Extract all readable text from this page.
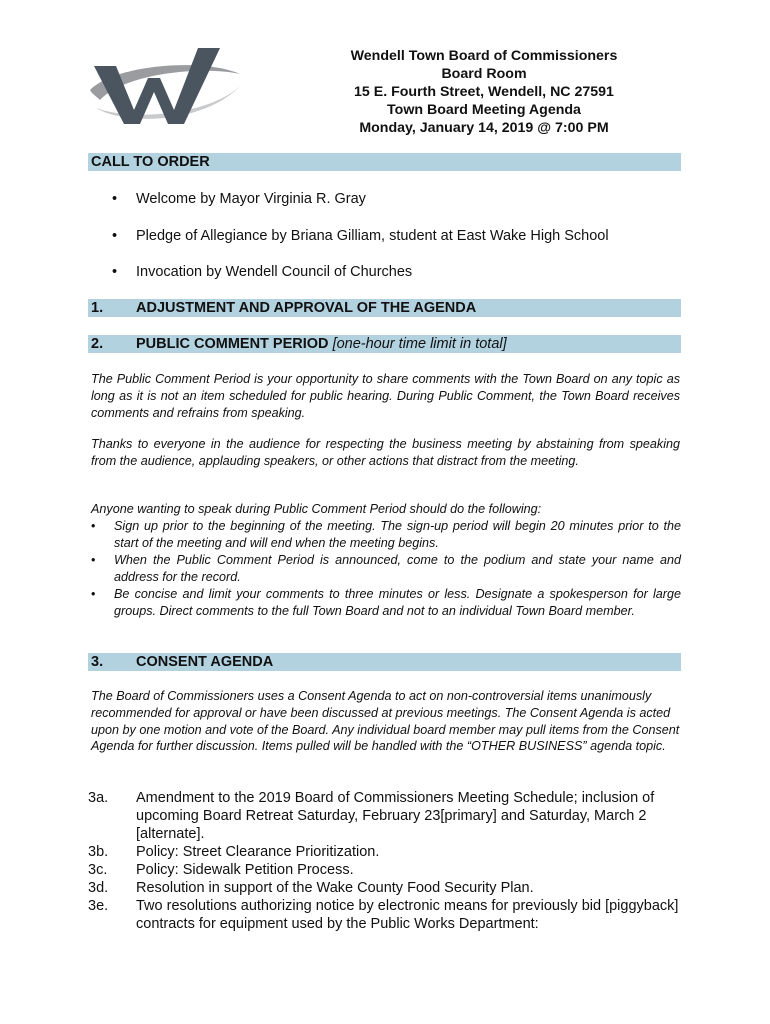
Wendell Town Board of Commissioners
Board Room
15 E. Fourth Street, Wendell, NC 27591
Town Board Meeting Agenda
Monday, January 14, 2019 @ 7:00 PM
CALL TO ORDER
• Welcome by Mayor Virginia R. Gray
• Pledge of Allegiance by Briana Gilliam, student at East Wake High School
• Invocation by Wendell Council of Churches
1. ADJUSTMENT AND APPROVAL OF THE AGENDA
2. PUBLIC COMMENT PERIOD [one-hour time limit in total]

The Public Comment Period is your opportunity to share comments with the Town Board on any topic as long as it is not an item scheduled for public hearing. During Public Comment, the Town Board receives comments and refrains from speaking.

Thanks to everyone in the audience for respecting the business meeting by abstaining from speaking from the audience, applauding speakers, or other actions that distract from the meeting.

Anyone wanting to speak during Public Comment Period should do the following:

• Sign up prior to the beginning of the meeting. The sign-up period will begin 20 minutes prior to the start of the meeting and will end when the meeting begins.
• When the Public Comment Period is announced, come to the podium and state your name and address for the record.
• Be concise and limit your comments to three minutes or less. Designate a spokesperson for large groups. Direct comments to the full Town Board and not to an individual Town Board member.
3. CONSENT AGENDA

The Board of Commissioners uses a Consent Agenda to act on non-controversial items unanimously recommended for approval or have been discussed at previous meetings. The Consent Agenda is acted upon by one motion and vote of the Board. Any individual board member may pull items from the Consent Agenda for further discussion. Items pulled will be handled with the “OTHER BUSINESS” agenda topic.

3a. Amendment to the 2019 Board of Commissioners Meeting Schedule; inclusion of upcoming Board Retreat Saturday, February 23[primary] and Saturday, March 2 [alternate].
3b. Policy: Street Clearance Prioritization.
3c. Policy: Sidewalk Petition Process.
3d. Resolution in support of the Wake County Food Security Plan.
3e. Two resolutions authorizing notice by electronic means for previously bid [piggyback] contracts for equipment used by the Public Works Department:
